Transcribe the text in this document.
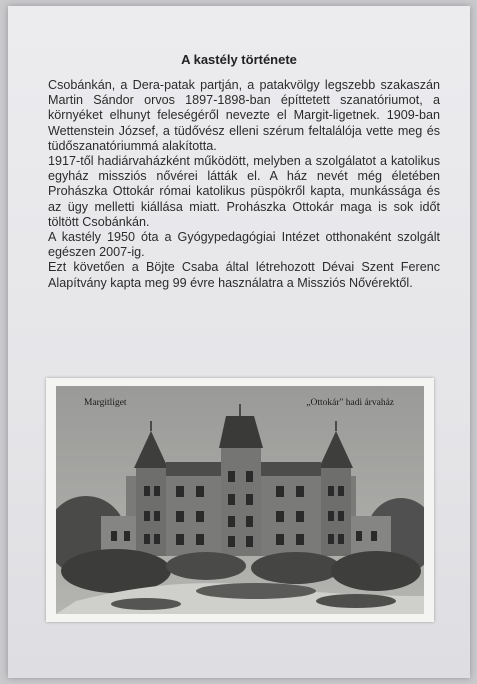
A kastély története

Csobánkán, a Dera-patak partján, a patakvölgy legszebb szakaszán Martin Sándor orvos 1897-1898-ban építtetett szanatóriumot, a környéket elhunyt feleségéről nevezte el Margit-ligetnek. 1909-ban Wettenstein József, a tüdővész elleni szérum feltalálója vette meg és tüdőszanatóriummá alakította.

1917-től hadiárvaházként működött, melyben a szolgálatot a katolikus egyház missziós nővérei látták el. A ház nevét még életében Prohászka Ottokár római katolikus püspökről kapta, munkássága és az ügy melletti kiállása miatt. Prohászka Ottokár maga is sok időt töltött Csobánkán.

A kastély 1950 óta a Gyógypedagógiai Intézet otthonaként szolgált egészen 2007-ig.

Ezt követően a Böjte Csaba által létrehozott Dévai Szent Ferenc Alapítvány kapta meg 99 évre használatra a Missziós Nővérektől.

Margitliget	„Ottokár" hadi árvaház
